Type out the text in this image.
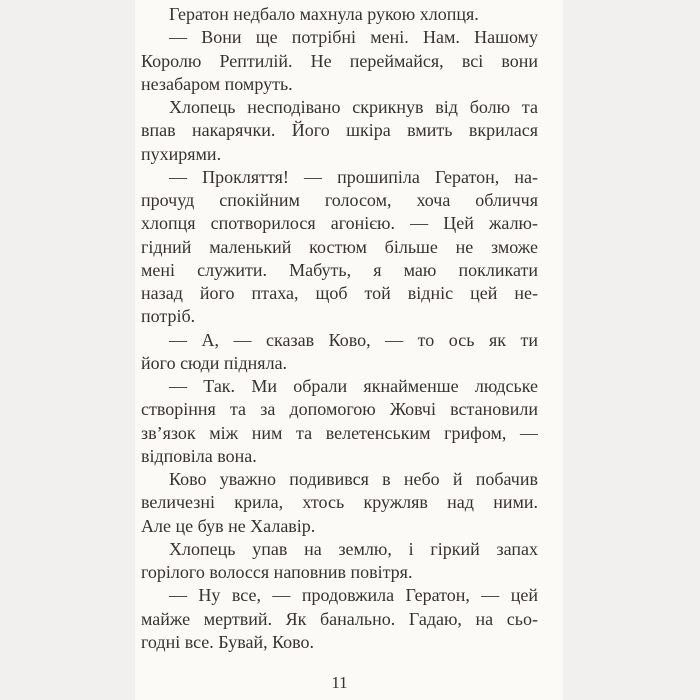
Гератон недбало махнула рукою хлопця.
— Вони ще потрібні мені. Нам. Нашому
Королю Рептилій. Не переймайся, всі вони
незабаром помруть.
Хлопець несподівано скрикнув від болю та
впав накарячки. Його шкіра вмить вкрилася
пухирями.
— Прокляття! — прошипіла Гератон, на-
прочуд спокійним голосом, хоча обличчя
хлопця спотворилося агонією. — Цей жалю-
гідний маленький костюм більше не зможе
мені служити. Мабуть, я маю покликати
назад його птаха, щоб той відніс цей не-
потріб.
— А, — сказав Ково, — то ось як ти
його сюди підняла.
— Так. Ми обрали якнайменше людське
створіння та за допомогою Жовчі встановили
зв’язок між ним та велетенським грифом, —
відповіла вона.
Ково уважно подивився в небо й побачив
величезні крила, хтось кружляв над ними.
Але це був не Халавір.
Хлопець упав на землю, і гіркий запах
горілого волосся наповнив повітря.
— Ну все, — продовжила Гератон, — цей
майже мертвий. Як банально. Гадаю, на сьо-
годні все. Бувай, Ково.
11
